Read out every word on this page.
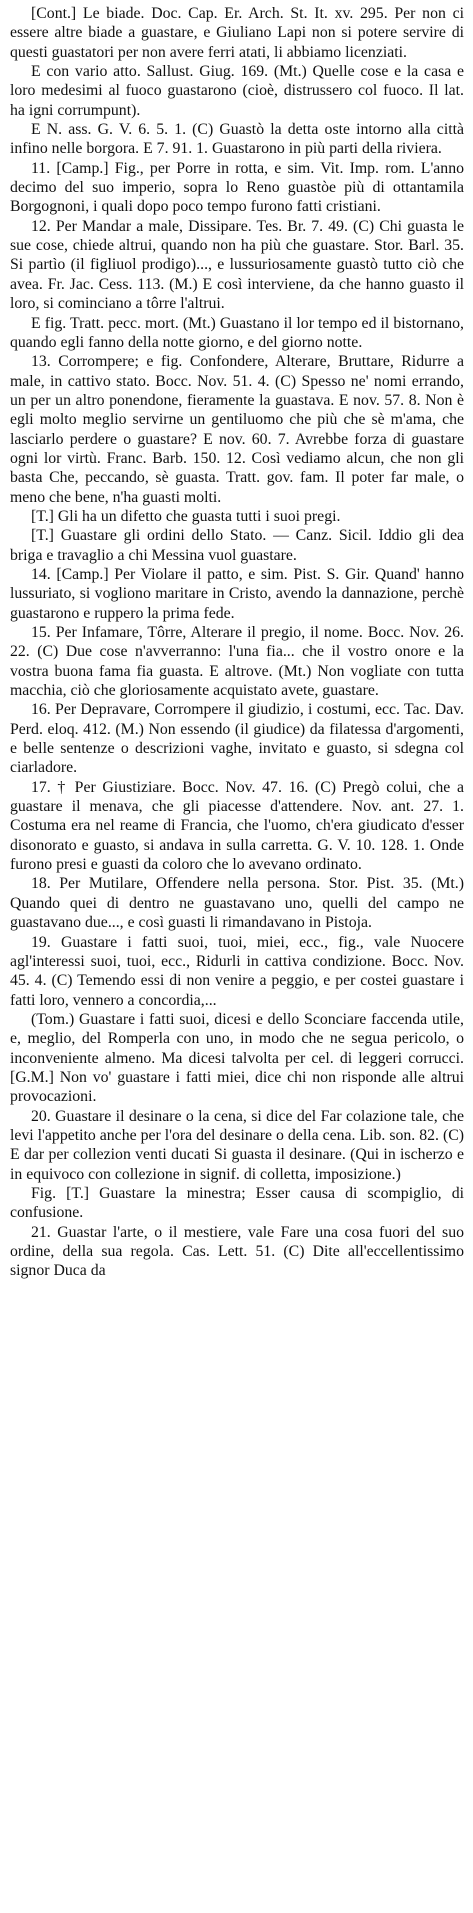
[Cont.] Le biade. Doc. Cap. Er. Arch. St. It. xv. 295. Per non ci essere altre biade a guastare, e Giuliano Lapi non si potere servire di questi guastatori per non avere ferri atati, li abbiamo licenziati.

E con vario atto. Sallust. Giug. 169. (Mt.) Quelle cose e la casa e loro medesimi al fuoco guastarono (cioè, distrussero col fuoco. Il lat. ha igni corrumpunt).

E N. ass. G. V. 6. 5. 1. (C) Guastò la detta oste intorno alla città infino nelle borgora. E 7. 91. 1. Guastarono in più parti della riviera.

11. [Camp.] Fig., per Porre in rotta, e sim. Vit. Imp. rom. L'anno decimo del suo imperio, sopra lo Reno guastòe più di ottantamila Borgognoni, i quali dopo poco tempo furono fatti cristiani.

12. Per Mandar a male, Dissipare. Tes. Br. 7. 49. (C) Chi guasta le sue cose, chiede altrui, quando non ha più che guastare. Stor. Barl. 35. Si partìo (il figliuol prodigo)..., e lussuriosamente guastò tutto ciò che avea. Fr. Jac. Cess. 113. (M.) E così interviene, da che hanno guasto il loro, si cominciano a tôrre l'altrui.

E fig. Tratt. pecc. mort. (Mt.) Guastano il lor tempo ed il bistornano, quando egli fanno della notte giorno, e del giorno notte.

13. Corrompere; e fig. Confondere, Alterare, Bruttare, Ridurre a male, in cattivo stato. Bocc. Nov. 51. 4. (C) Spesso ne' nomi errando, un per un altro ponendone, fieramente la guastava. E nov. 57. 8. Non è egli molto meglio servirne un gentiluomo che più che sè m'ama, che lasciarlo perdere o guastare? E nov. 60. 7. Avrebbe forza di guastare ogni lor virtù. Franc. Barb. 150. 12. Così vediamo alcun, che non gli basta Che, peccando, sè guasta. Tratt. gov. fam. Il poter far male, o meno che bene, n'ha guasti molti.

[T.] Gli ha un difetto che guasta tutti i suoi pregi.

[T.] Guastare gli ordini dello Stato. — Canz. Sicil. Iddio gli dea briga e travaglio a chi Messina vuol guastare.

14. [Camp.] Per Violare il patto, e sim. Pist. S. Gir. Quand' hanno lussuriato, si vogliono maritare in Cristo, avendo la dannazione, perchè guastarono e ruppero la prima fede.

15. Per Infamare, Tôrre, Alterare il pregio, il nome. Bocc. Nov. 26. 22. (C) Due cose n'avverranno: l'una fia... che il vostro onore e la vostra buona fama fia guasta. E altrove. (Mt.) Non vogliate con tutta macchia, ciò che gloriosamente acquistato avete, guastare.

16. Per Depravare, Corrompere il giudizio, i costumi, ecc. Tac. Dav. Perd. eloq. 412. (M.) Non essendo (il giudice) da filatessa d'argomenti, e belle sentenze o descrizioni vaghe, invitato e guasto, si sdegna col ciarladore.

17. † Per Giustiziare. Bocc. Nov. 47. 16. (C) Pregò colui, che a guastare il menava, che gli piacesse d'attendere. Nov. ant. 27. 1. Costuma era nel reame di Francia, che l'uomo, ch'era giudicato d'esser disonorato e guasto, si andava in sulla carretta. G. V. 10. 128. 1. Onde furono presi e guasti da coloro che lo avevano ordinato.

18. Per Mutilare, Offendere nella persona. Stor. Pist. 35. (Mt.) Quando quei di dentro ne guastavano uno, quelli del campo ne guastavano due..., e così guasti li rimandavano in Pistoja.

19. Guastare i fatti suoi, tuoi, miei, ecc., fig., vale Nuocere agl'interessi suoi, tuoi, ecc., Ridurli in cattiva condizione. Bocc. Nov. 45. 4. (C) Temendo essi di non venire a peggio, e per costei guastare i fatti loro, vennero a concordia,...

(Tom.) Guastare i fatti suoi, dicesi e dello Sconciare faccenda utile, e, meglio, del Romperla con uno, in modo che ne segua pericolo, o inconveniente almeno. Ma dicesi talvolta per cel. di leggeri corrucci. [G.M.] Non vo' guastare i fatti miei, dice chi non risponde alle altrui provocazioni.

20. Guastare il desinare o la cena, si dice del Far colazione tale, che levi l'appetito anche per l'ora del desinare o della cena. Lib. son. 82. (C) E dar per collezion venti ducati Si guasta il desinare. (Qui in ischerzo e in equivoco con collezione in signif. di colletta, imposizione.)

Fig. [T.] Guastare la minestra; Esser causa di scompiglio, di confusione.

21. Guastar l'arte, o il mestiere, vale Fare una cosa fuori del suo ordine, della sua regola. Cas. Lett. 51. (C) Dite all'eccellentissimo signor Duca da
